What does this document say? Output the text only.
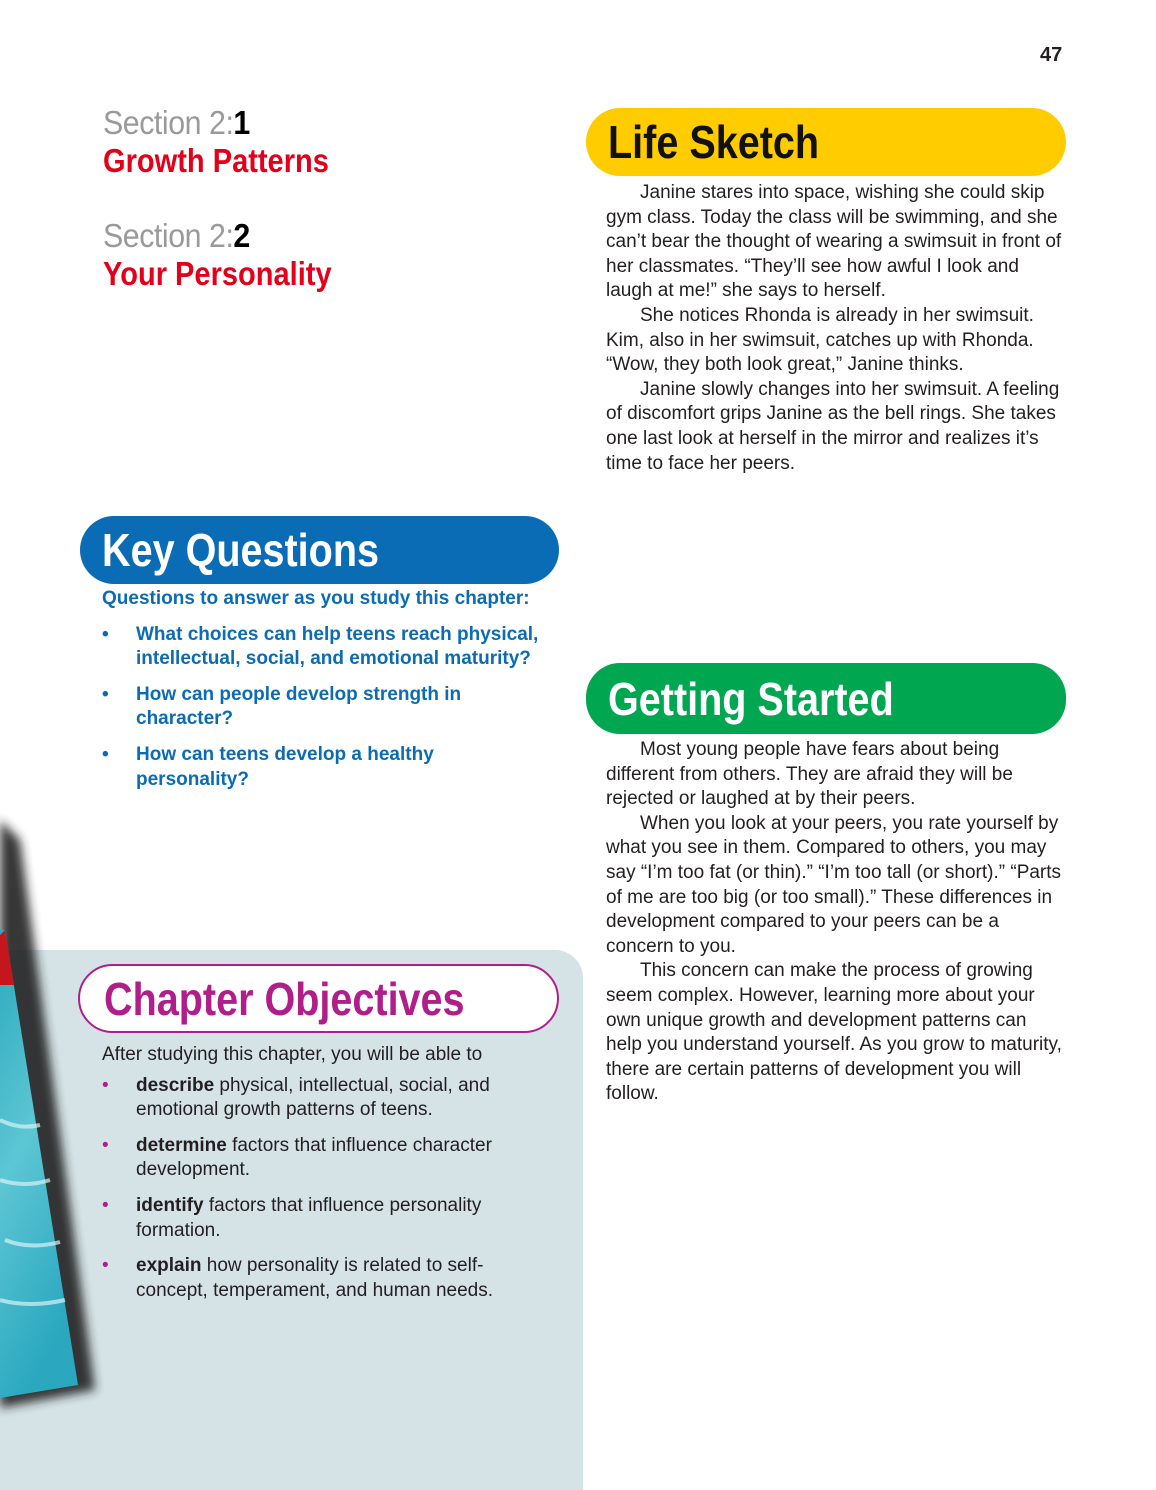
47
Section 2:1
Growth Patterns
Section 2:2
Your Personality
Life Sketch

Janine stares into space, wishing she could skip gym class. Today the class will be swimming, and she can’t bear the thought of wearing a swimsuit in front of her classmates. “They’ll see how awful I look and laugh at me!” she says to herself.

She notices Rhonda is already in her swimsuit. Kim, also in her swimsuit, catches up with Rhonda. “Wow, they both look great,” Janine thinks.

Janine slowly changes into her swimsuit. A feeling of discomfort grips Janine as the bell rings. She takes one last look at herself in the mirror and realizes it’s time to face her peers.

Key Questions
Questions to answer as you study this chapter:
• What choices can help teens reach physical, intellectual, social, and emotional maturity?
• How can people develop strength in character?
• How can teens develop a healthy personality?
Getting Started

Most young people have fears about being different from others. They are afraid they will be rejected or laughed at by their peers.

When you look at your peers, you rate yourself by what you see in them. Compared to others, you may say “I’m too fat (or thin).” “I’m too tall (or short).” “Parts of me are too big (or too small).” These differences in development compared to your peers can be a concern to you.

This concern can make the process of growing seem complex. However, learning more about your own unique growth and development patterns can help you understand yourself. As you grow to maturity, there are certain patterns of development you will follow.

Chapter Objectives
After studying this chapter, you will be able to
• describe physical, intellectual, social, and emotional growth patterns of teens.
• determine factors that influence character development.
• identify factors that influence personality formation.
• explain how personality is related to self-concept, temperament, and human needs.
